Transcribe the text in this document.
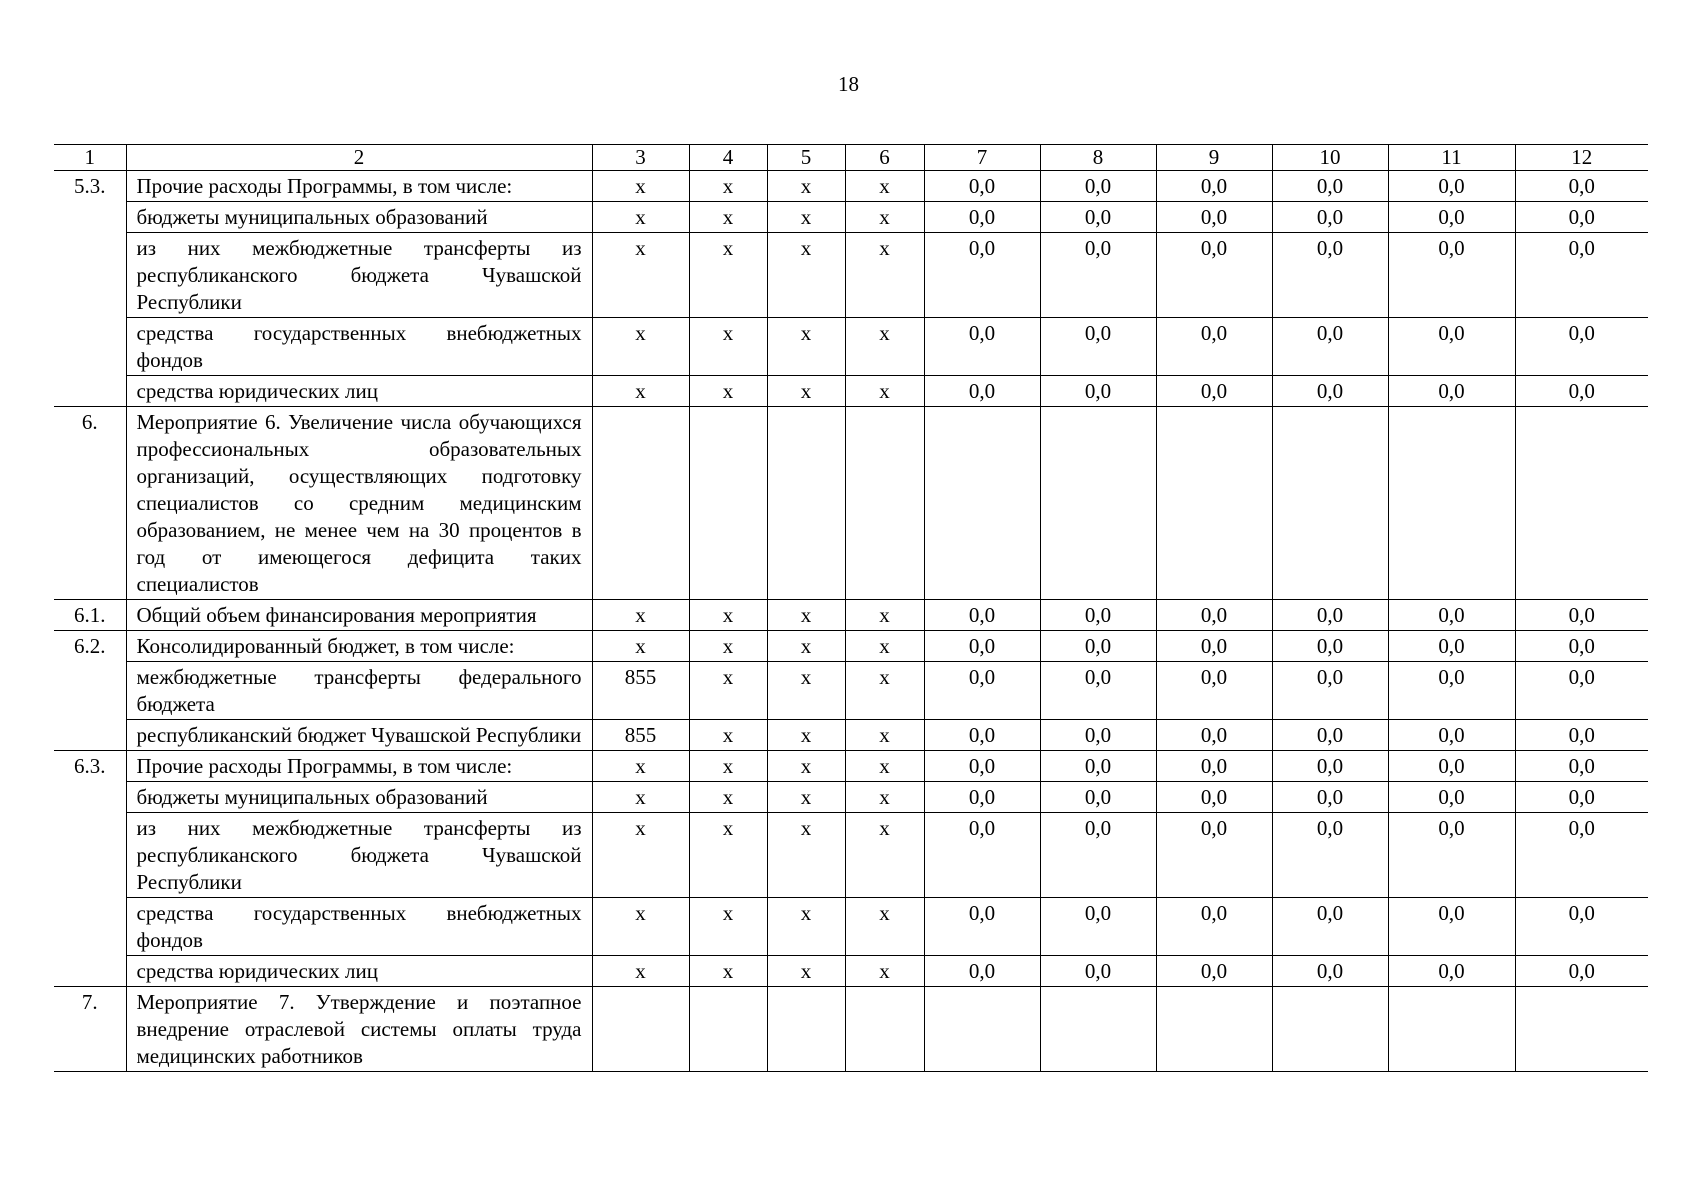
18
1	2	3	4	5	6	7	8	9	10	11	12
5.3.	Прочие расходы Программы, в том числе:	х	х	х	х	0,0	0,0	0,0	0,0	0,0	0,0
	бюджеты муниципальных образований	х	х	х	х	0,0	0,0	0,0	0,0	0,0	0,0
	из них межбюджетные трансферты из республиканского бюджета Чувашской Республики	х	х	х	х	0,0	0,0	0,0	0,0	0,0	0,0
	средства государственных внебюджетных фондов	х	х	х	х	0,0	0,0	0,0	0,0	0,0	0,0
	средства юридических лиц	х	х	х	х	0,0	0,0	0,0	0,0	0,0	0,0
6.	Мероприятие 6. Увеличение числа обучающихся профессиональных образовательных организаций, осуществляющих подготовку специалистов со средним медицинским образованием, не менее чем на 30 процентов в год от имеющегося дефицита таких специалистов										
6.1.	Общий объем финансирования мероприятия	х	х	х	х	0,0	0,0	0,0	0,0	0,0	0,0
6.2.	Консолидированный бюджет, в том числе:	х	х	х	х	0,0	0,0	0,0	0,0	0,0	0,0
	межбюджетные трансферты федерального бюджета	855	х	х	х	0,0	0,0	0,0	0,0	0,0	0,0
	республиканский бюджет Чувашской Республики	855	х	х	х	0,0	0,0	0,0	0,0	0,0	0,0
6.3.	Прочие расходы Программы, в том числе:	х	х	х	х	0,0	0,0	0,0	0,0	0,0	0,0
	бюджеты муниципальных образований	х	х	х	х	0,0	0,0	0,0	0,0	0,0	0,0
	из них межбюджетные трансферты из республиканского бюджета Чувашской Республики	х	х	х	х	0,0	0,0	0,0	0,0	0,0	0,0
	средства государственных внебюджетных фондов	х	х	х	х	0,0	0,0	0,0	0,0	0,0	0,0
	средства юридических лиц	х	х	х	х	0,0	0,0	0,0	0,0	0,0	0,0
7.	Мероприятие 7. Утверждение и поэтапное внедрение отраслевой системы оплаты труда медицинских работников										
